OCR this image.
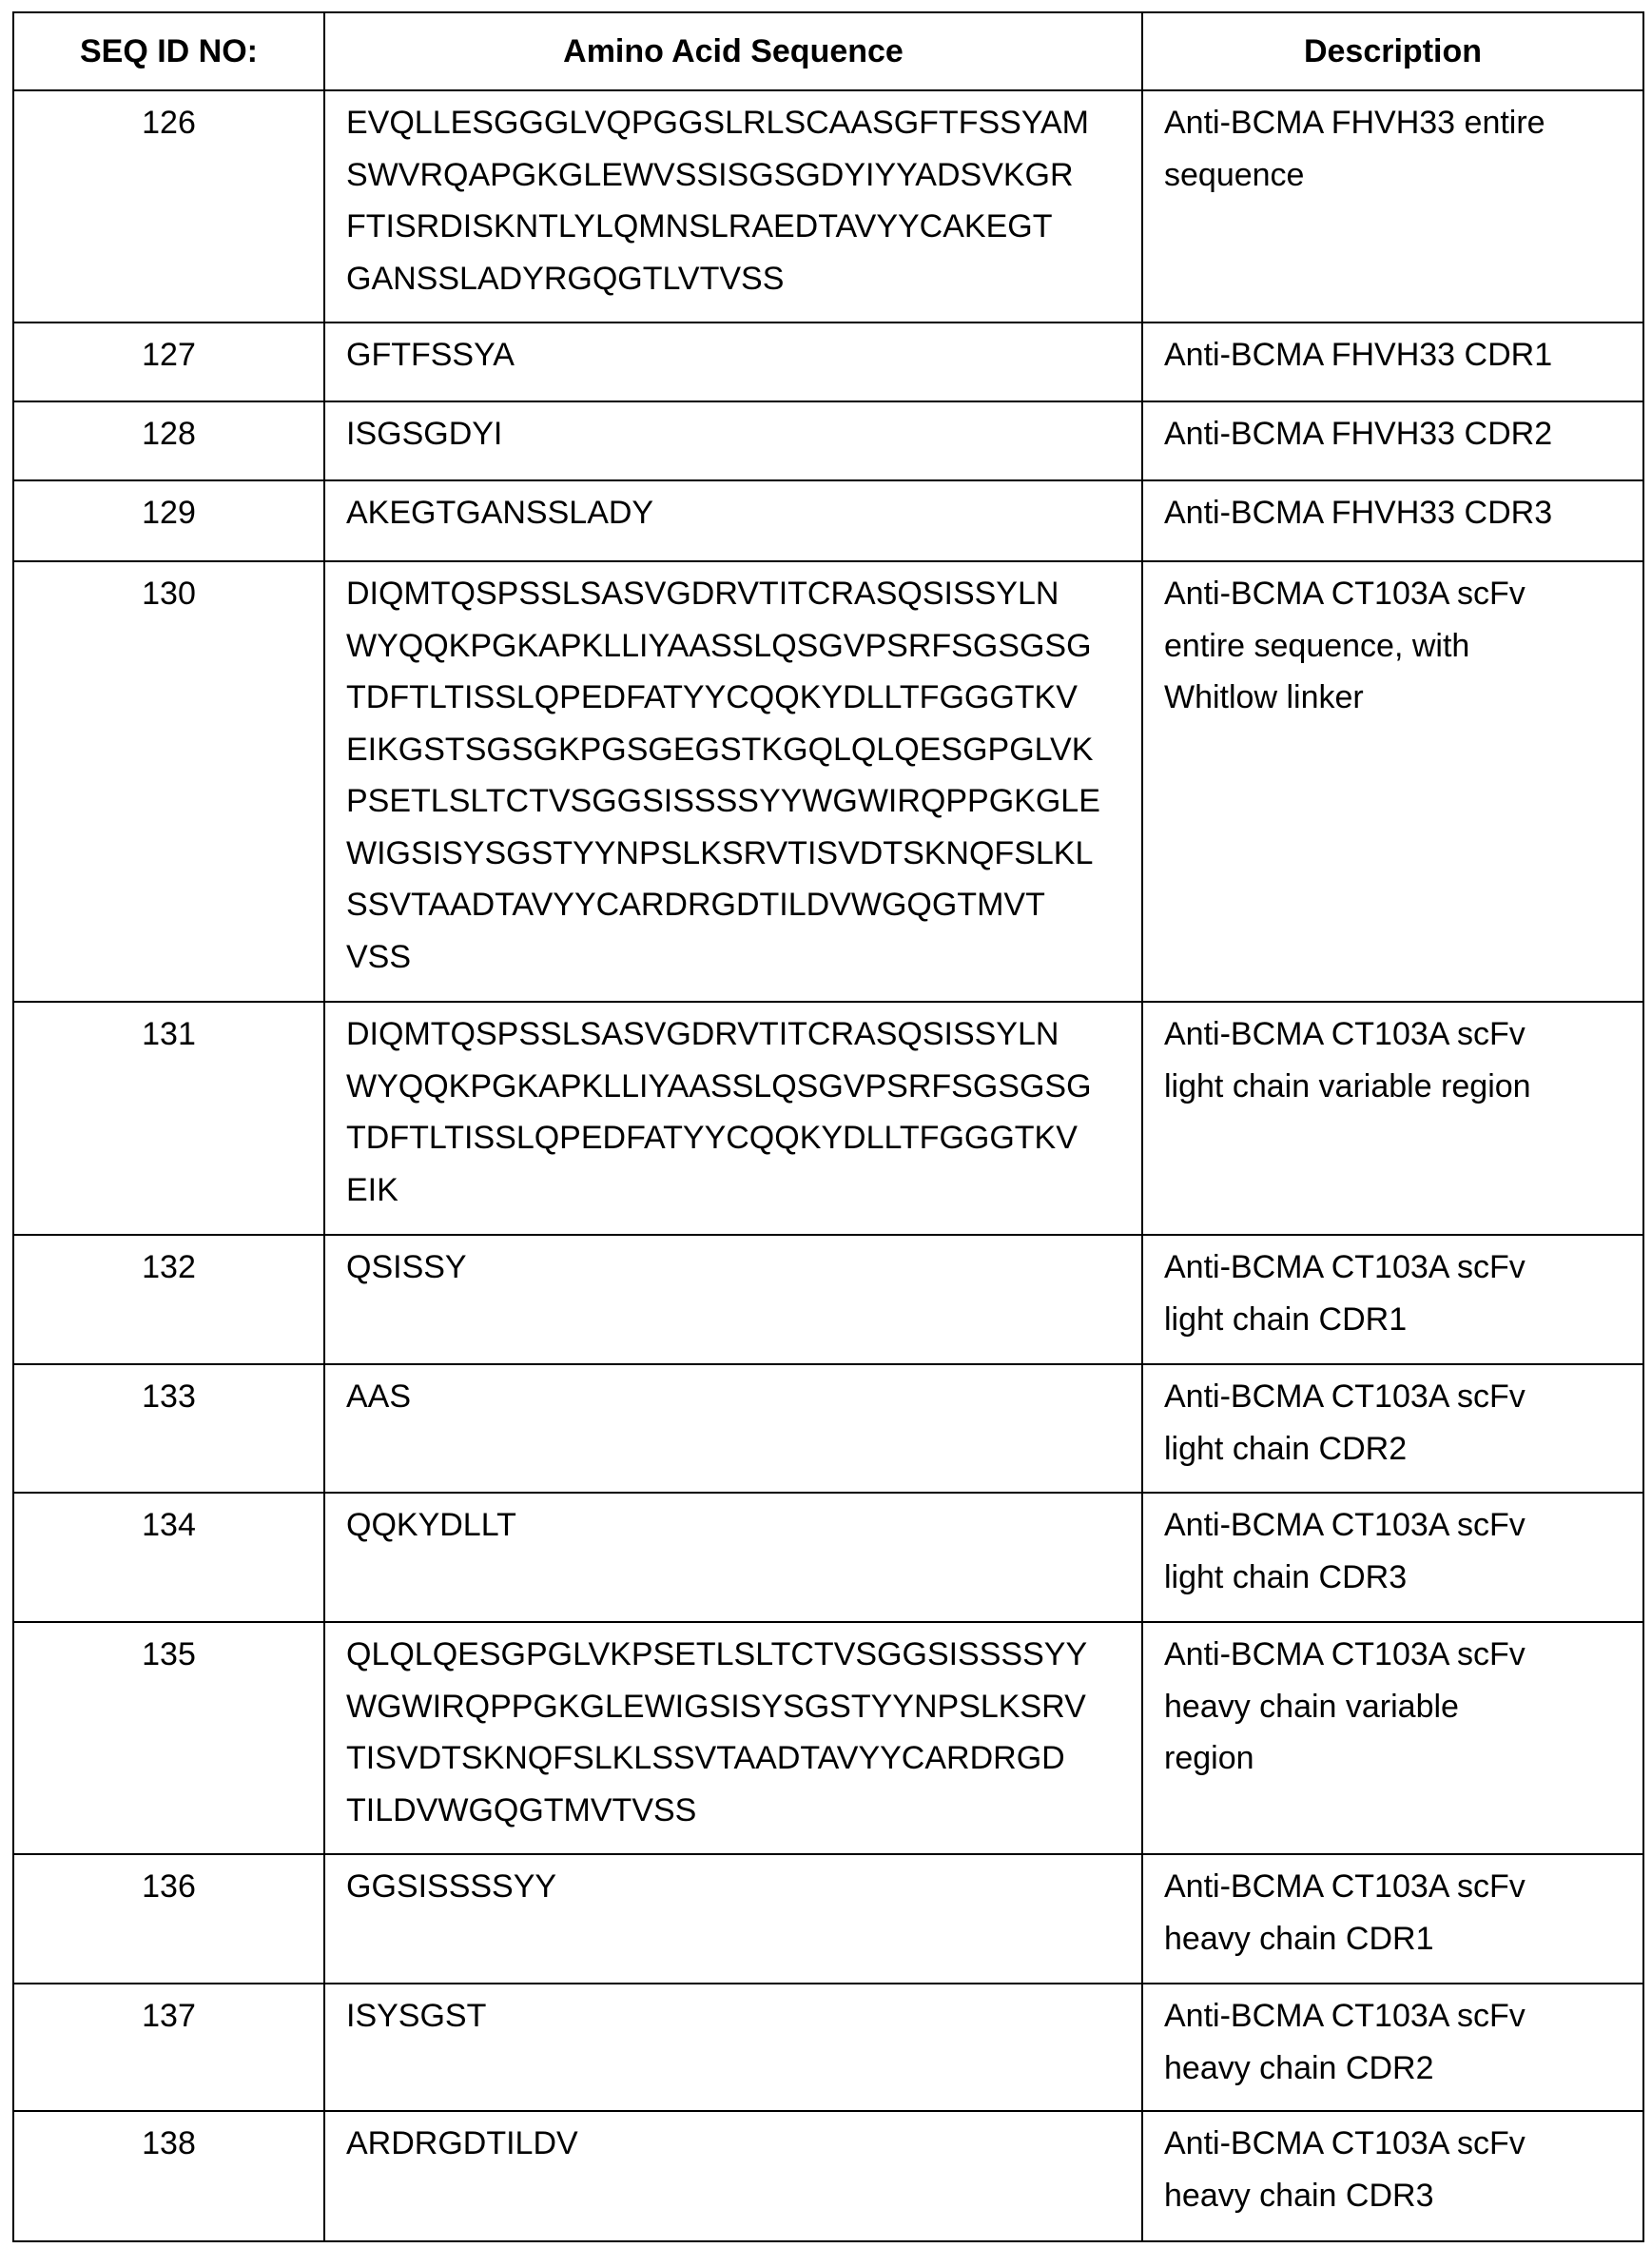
SEQ ID NO:	Amino Acid Sequence	Description
126	EVQLLESGGGLVQPGGSLRLSCAASGFTFSSYAM
SWVRQAPGKGLEWVSSISGSGDYIYYADSVKGR
FTISRDISKNTLYLQMNSLRAEDTAVYYCAKEGT
GANSSLADYRGQGTLVTVSS

Anti-BCMA FHVH33 entire
sequence

127	GFTFSSYA	Anti-BCMA FHVH33 CDR1

128	ISGSGDYI	Anti-BCMA FHVH33 CDR2

129	AKEGTGANSSLADY	Anti-BCMA FHVH33 CDR3

130	DIQMTQSPSSLSASVGDRVTITCRASQSISSYLN
WYQQKPGKAPKLLIYAASSLQSGVPSRFSGSGSG
TDFTLTISSLQPEDFATYYCQQKYDLLTFGGGTKV
EIKGSTSGSGKPGSGEGSTKGQLQLQESGPGLVK
PSETLSLTCTVSGGSISSSSYYWGWIRQPPGKGLE
WIGSISYSGSTYYNPSLKSRVTISVDTSKNQFSLKL
SSVTAADTAVYYCARDRGDTILDVWGQGTMVT
VSS

Anti-BCMA CT103A scFv
entire sequence, with
Whitlow linker

131	DIQMTQSPSSLSASVGDRVTITCRASQSISSYLN
WYQQKPGKAPKLLIYAASSLQSGVPSRFSGSGSG
TDFTLTISSLQPEDFATYYCQQKYDLLTFGGGTKV
EIK

Anti-BCMA CT103A scFv
light chain variable region

132	QSISSY	Anti-BCMA CT103A scFv
light chain CDR1

133	AAS	Anti-BCMA CT103A scFv
light chain CDR2

134	QQKYDLLT	Anti-BCMA CT103A scFv
light chain CDR3

135	QLQLQESGPGLVKPSETLSLTCTVSGGSISSSSYY
WGWIRQPPGKGLEWIGSISYSGSTYYNPSLKSRV
TISVDTSKNQFSLKLSSVTAADTAVYYCARDRGD
TILDVWGQGTMVTVSS

Anti-BCMA CT103A scFv
heavy chain variable
region

136	GGSISSSSYY	Anti-BCMA CT103A scFv
heavy chain CDR1

137	ISYSGST	Anti-BCMA CT103A scFv
heavy chain CDR2

138	ARDRGDTILDV	Anti-BCMA CT103A scFv
heavy chain CDR3
